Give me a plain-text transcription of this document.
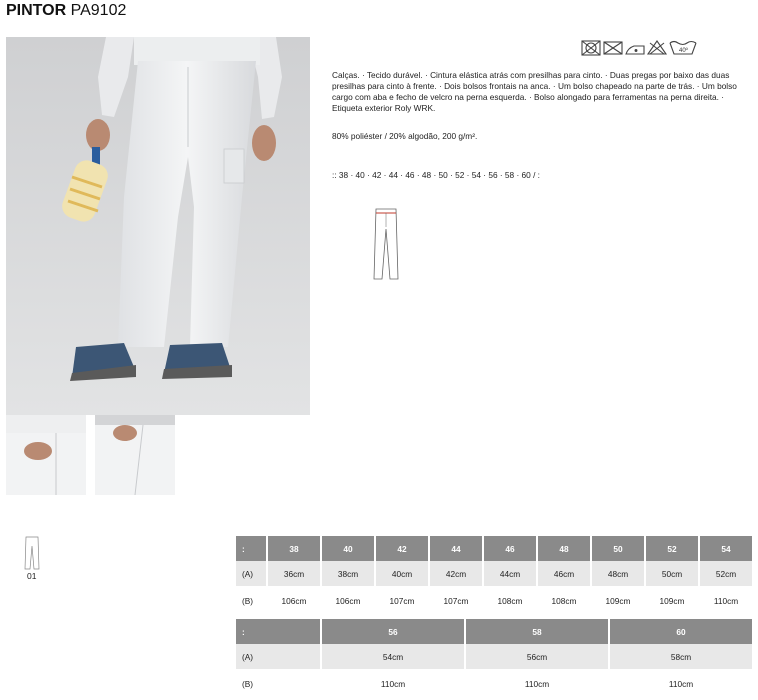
PINTOR PA9102
40º
Calças. · Tecido durável. · Cintura elástica atrás com presilhas para cinto. · Duas pregas por baixo das duas presilhas para cinto à frente. · Dois bolsos frontais na anca. · Um bolso chapeado na parte de trás. · Um bolso cargo com aba e fecho de velcro na perna esquerda. · Bolso alongado para ferramentas na perna direita. · Etiqueta exterior Roly WRK.
80% poliéster / 20% algodão, 200 g/m².
:: 38 · 40 · 42 · 44 · 46 · 48 · 50 · 52 · 54 · 56 · 58 · 60 / :
01
:	38	40	42	44	46	48	50	52	54
(A)	36cm	38cm	40cm	42cm	44cm	46cm	48cm	50cm	52cm
(B)	106cm	106cm	107cm	107cm	108cm	108cm	109cm	109cm	110cm
:	56	58	60
(A)	54cm	56cm	58cm
(B)	110cm	110cm	110cm
